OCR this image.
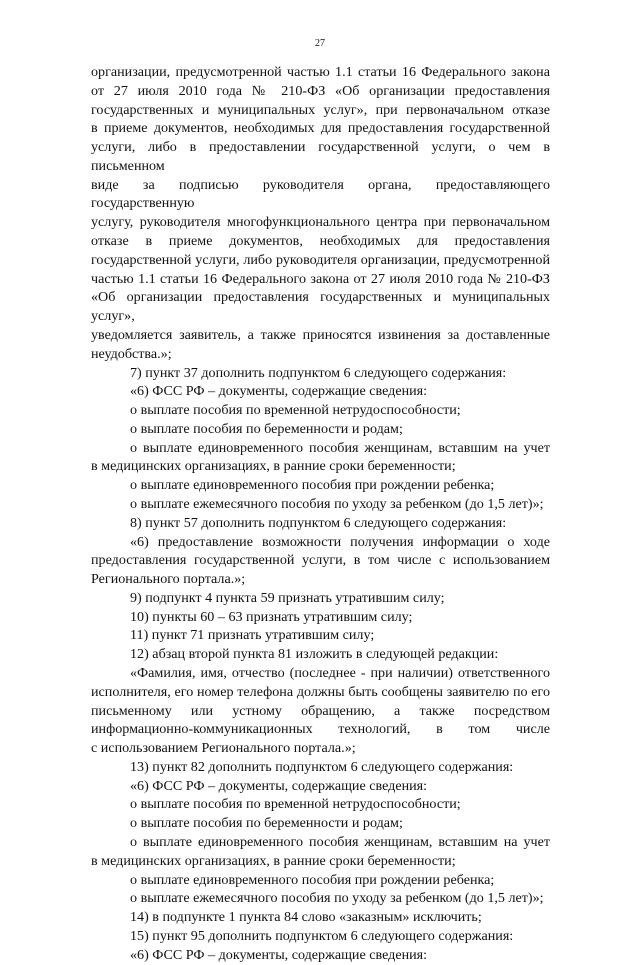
27
организации, предусмотренной частью 1.1 статьи 16 Федерального закона
от 27 июля 2010 года № 210-ФЗ «Об организации предоставления
государственных и муниципальных услуг», при первоначальном отказе
в приеме документов, необходимых для предоставления государственной
услуги, либо в предоставлении государственной услуги, о чем в письменном
виде за подписью руководителя органа, предоставляющего государственную
услугу, руководителя многофункционального центра при первоначальном
отказе в приеме документов, необходимых для предоставления
государственной услуги, либо руководителя организации, предусмотренной
частью 1.1 статьи 16 Федерального закона от 27 июля 2010 года № 210-ФЗ
«Об организации предоставления государственных и муниципальных услуг»,
уведомляется заявитель, а также приносятся извинения за доставленные
неудобства.»;
7) пункт 37 дополнить подпунктом 6 следующего содержания:
«6) ФСС РФ – документы, содержащие сведения:
о выплате пособия по временной нетрудоспособности;
о выплате пособия по беременности и родам;
о выплате единовременного пособия женщинам, вставшим на учет
в медицинских организациях, в ранние сроки беременности;
о выплате единовременного пособия при рождении ребенка;
о выплате ежемесячного пособия по уходу за ребенком (до 1,5 лет)»;
8) пункт 57 дополнить подпунктом 6 следующего содержания:
«6) предоставление возможности получения информации о ходе
предоставления государственной услуги, в том числе с использованием
Регионального портала.»;
9) подпункт 4 пункта 59 признать утратившим силу;
10) пункты 60 – 63 признать утратившим силу;
11) пункт 71 признать утратившим силу;
12) абзац второй пункта 81 изложить в следующей редакции:
«Фамилия, имя, отчество (последнее - при наличии) ответственного
исполнителя, его номер телефона должны быть сообщены заявителю по его
письменному или устному обращению, а также посредством
информационно-коммуникационных технологий, в том числе
с использованием Регионального портала.»;
13) пункт 82 дополнить подпунктом 6 следующего содержания:
«6) ФСС РФ – документы, содержащие сведения:
о выплате пособия по временной нетрудоспособности;
о выплате пособия по беременности и родам;
о выплате единовременного пособия женщинам, вставшим на учет
в медицинских организациях, в ранние сроки беременности;
о выплате единовременного пособия при рождении ребенка;
о выплате ежемесячного пособия по уходу за ребенком (до 1,5 лет)»;
14) в подпункте 1 пункта 84 слово «заказным» исключить;
15) пункт 95 дополнить подпунктом 6 следующего содержания:
«6) ФСС РФ – документы, содержащие сведения:
